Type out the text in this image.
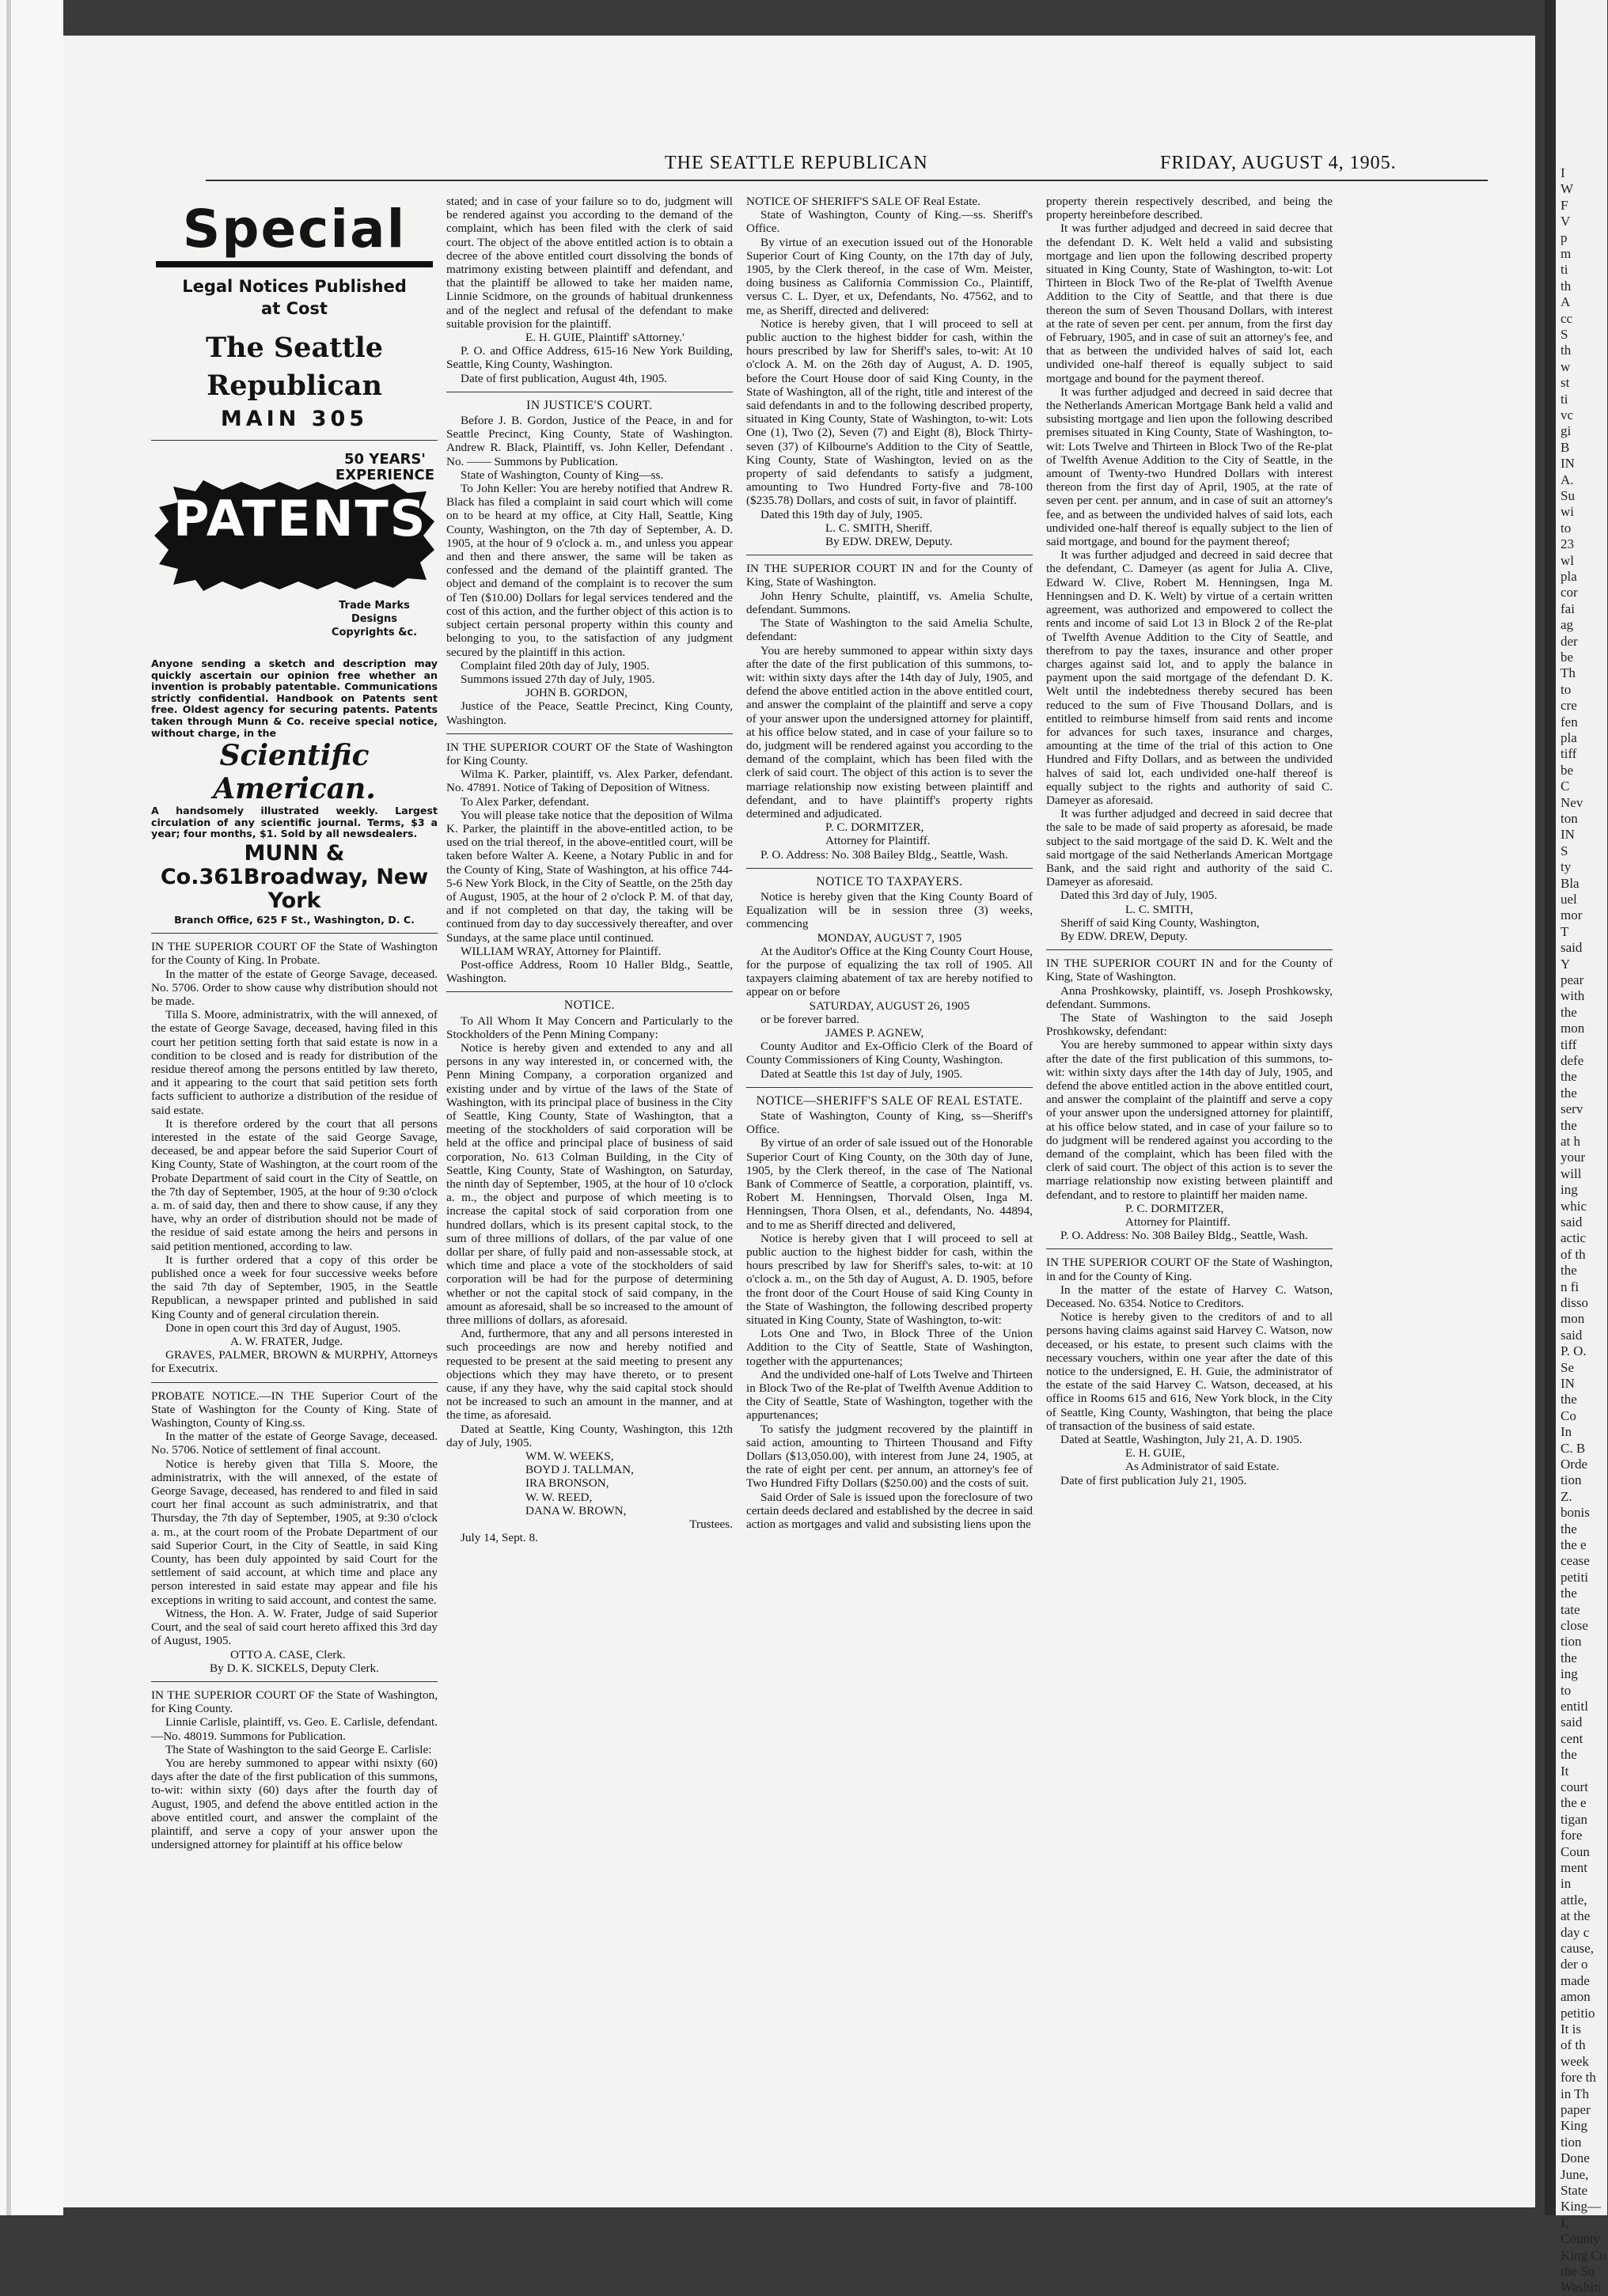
THE SEATTLE REPUBLICAN	FRIDAY, AUGUST 4, 1905.
Special
Legal Notices Published
at Cost
The Seattle Republican
MAIN 305
50 YEARS'
EXPERIENCE
PATENTS
Trade Marks
Designs
Copyrights &c.
Anyone sending a sketch and description may quickly ascertain our opinion free whether an invention is probably patentable. Communications strictly confidential. Handbook on Patents sent free. Oldest agency for securing patents. Patents taken through Munn & Co. receive special notice, without charge, in the
Scientific American.
A handsomely illustrated weekly. Largest circulation of any scientific journal. Terms, $3 a year; four months, $1. Sold by all newsdealers.
MUNN & Co.361Broadway, New York
Branch Office, 625 F St., Washington, D. C.

IN THE SUPERIOR COURT OF the State of Washington for the County of King. In Probate.

In the matter of the estate of George Savage, deceased. No. 5706. Order to show cause why distribution should not be made.

Tilla S. Moore, administratrix, with the will annexed, of the estate of George Savage, deceased, having filed in this court her petition setting forth that said estate is now in a condition to be closed and is ready for distribution of the residue thereof among the persons entitled by law thereto, and it appearing to the court that said petition sets forth facts sufficient to authorize a distribution of the residue of said estate.

It is therefore ordered by the court that all persons interested in the estate of the said George Savage, deceased, be and appear before the said Superior Court of King County, State of Washington, at the court room of the Probate Department of said court in the City of Seattle, on the 7th day of September, 1905, at the hour of 9:30 o'clock a. m. of said day, then and there to show cause, if any they have, why an order of distribution should not be made of the residue of said estate among the heirs and persons in said petition mentioned, according to law.

It is further ordered that a copy of this order be published once a week for four successive weeks before the said 7th day of September, 1905, in the Seattle Republican, a newspaper printed and published in said King County and of general circulation therein.

Done in open court this 3rd day of August, 1905.

A. W. FRATER, Judge.

GRAVES, PALMER, BROWN & MURPHY, Attorneys for Executrix.

PROBATE NOTICE.—IN THE Superior Court of the State of Washington for the County of King. State of Washington, County of King.ss.

In the matter of the estate of George Savage, deceased. No. 5706. Notice of settlement of final account.

Notice is hereby given that Tilla S. Moore, the administratrix, with the will annexed, of the estate of George Savage, deceased, has rendered to and filed in said court her final account as such administratrix, and that Thursday, the 7th day of September, 1905, at 9:30 o'clock a. m., at the court room of the Probate Department of our said Superior Court, in the City of Seattle, in said King County, has been duly appointed by said Court for the settlement of said account, at which time and place any person interested in said estate may appear and file his exceptions in writing to said account, and contest the same.

Witness, the Hon. A. W. Frater, Judge of said Superior Court, and the seal of said court hereto affixed this 3rd day of August, 1905.

OTTO A. CASE, Clerk.

By D. K. SICKELS, Deputy Clerk.

IN THE SUPERIOR COURT OF the State of Washington, for King County.

Linnie Carlisle, plaintiff, vs. Geo. E. Carlisle, defendant.—No. 48019. Summons for Publication.

The State of Washington to the said George E. Carlisle:

You are hereby summoned to appear withi nsixty (60) days after the date of the first publication of this summons, to-wit: within sixty (60) days after the fourth day of August, 1905, and defend the above entitled action in the above entitled court, and answer the complaint of the plaintiff, and serve a copy of your answer upon the undersigned attorney for plaintiff at his office below

stated; and in case of your failure so to do, judgment will be rendered against you according to the demand of the complaint, which has been filed with the clerk of said court. The object of the above entitled action is to obtain a decree of the above entitled court dissolving the bonds of matrimony existing between plaintiff and defendant, and that the plaintiff be allowed to take her maiden name, Linnie Scidmore, on the grounds of habitual drunkenness and of the neglect and refusal of the defendant to make suitable provision for the plaintiff.

E. H. GUIE, Plaintiff' sAttorney.'

P. O. and Office Address, 615-16 New York Building, Seattle, King County, Washington.

Date of first publication, August 4th, 1905.

IN JUSTICE'S COURT.

Before J. B. Gordon, Justice of the Peace, in and for Seattle Precinct, King County, State of Washington. Andrew R. Black, Plaintiff, vs. John Keller, Defendant . No. —— Summons by Publication.

State of Washington, County of King—ss.

To John Keller: You are hereby notified that Andrew R. Black has filed a complaint in said court which will come on to be heard at my office, at City Hall, Seattle, King County, Washington, on the 7th day of September, A. D. 1905, at the hour of 9 o'clock a. m., and unless you appear and then and there answer, the same will be taken as confessed and the demand of the plaintiff granted. The object and demand of the complaint is to recover the sum of Ten ($10.00) Dollars for legal services tendered and the cost of this action, and the further object of this action is to subject certain personal property within this county and belonging to you, to the satisfaction of any judgment secured by the plaintiff in this action.

Complaint filed 20th day of July, 1905.

Summons issued 27th day of July, 1905.

JOHN B. GORDON,

Justice of the Peace, Seattle Precinct, King County, Washington.

IN THE SUPERIOR COURT OF the State of Washington for King County.

Wilma K. Parker, plaintiff, vs. Alex Parker, defendant. No. 47891. Notice of Taking of Deposition of Witness.

To Alex Parker, defendant.

You will please take notice that the deposition of Wilma K. Parker, the plaintiff in the above-entitled action, to be used on the trial thereof, in the above-entitled court, will be taken before Walter A. Keene, a Notary Public in and for the County of King, State of Washington, at his office 744-5-6 New York Block, in the City of Seattle, on the 25th day of August, 1905, at the hour of 2 o'clock P. M. of that day, and if not completed on that day, the taking will be continued from day to day successively thereafter, and over Sundays, at the same place until continued.

WILLIAM WRAY, Attorney for Plaintiff.

Post-office Address, Room 10 Haller Bldg., Seattle, Washington.

NOTICE.

To All Whom It May Concern and Particularly to the Stockholders of the Penn Mining Company:

Notice is hereby given and extended to any and all persons in any way interested in, or concerned with, the Penn Mining Company, a corporation organized and existing under and by virtue of the laws of the State of Washington, with its principal place of business in the City of Seattle, King County, State of Washington, that a meeting of the stockholders of said corporation will be held at the office and principal place of business of said corporation, No. 613 Colman Building, in the City of Seattle, King County, State of Washington, on Saturday, the ninth day of September, 1905, at the hour of 10 o'clock a. m., the object and purpose of which meeting is to increase the capital stock of said corporation from one hundred dollars, which is its present capital stock, to the sum of three millions of dollars, of the par value of one dollar per share, of fully paid and non-assessable stock, at which time and place a vote of the stockholders of said corporation will be had for the purpose of determining whether or not the capital stock of said company, in the amount as aforesaid, shall be so increased to the amount of three millions of dollars, as aforesaid.

And, furthermore, that any and all persons interested in such proceedings are now and hereby notified and requested to be present at the said meeting to present any objections which they may have thereto, or to present cause, if any they have, why the said capital stock should not be increased to such an amount in the manner, and at the time, as aforesaid.

Dated at Seattle, King County, Washington, this 12th day of July, 1905.

WM. W. WEEKS,

BOYD J. TALLMAN,

IRA BRONSON,

W. W. REED,

DANA W. BROWN,

Trustees.

July 14, Sept. 8.

NOTICE OF SHERIFF'S SALE OF Real Estate.

State of Washington, County of King.—ss. Sheriff's Office.

By virtue of an execution issued out of the Honorable Superior Court of King County, on the 17th day of July, 1905, by the Clerk thereof, in the case of Wm. Meister, doing business as California Commission Co., Plaintiff, versus C. L. Dyer, et ux, Defendants, No. 47562, and to me, as Sheriff, directed and delivered:

Notice is hereby given, that I will proceed to sell at public auction to the highest bidder for cash, within the hours prescribed by law for Sheriff's sales, to-wit: At 10 o'clock A. M. on the 26th day of August, A. D. 1905, before the Court House door of said King County, in the State of Washington, all of the right, title and interest of the said defendants in and to the following described property, situated in King County, State of Washington, to-wit: Lots One (1), Two (2), Seven (7) and Eight (8), Block Thirty-seven (37) of Kilbourne's Addition to the City of Seattle, King County, State of Washington, levied on as the property of said defendants to satisfy a judgment, amounting to Two Hundred Forty-five and 78-100 ($235.78) Dollars, and costs of suit, in favor of plaintiff.

Dated this 19th day of July, 1905.

L. C. SMITH, Sheriff.

By EDW. DREW, Deputy.

IN THE SUPERIOR COURT IN and for the County of King, State of Washington.

John Henry Schulte, plaintiff, vs. Amelia Schulte, defendant. Summons.

The State of Washington to the said Amelia Schulte, defendant:

You are hereby summoned to appear within sixty days after the date of the first publication of this summons, to-wit: within sixty days after the 14th day of July, 1905, and defend the above entitled action in the above entitled court, and answer the complaint of the plaintiff and serve a copy of your answer upon the undersigned attorney for plaintiff, at his office below stated, and in case of your failure so to do, judgment will be rendered against you according to the demand of the complaint, which has been filed with the clerk of said court. The object of this action is to sever the marriage relationship now existing between plaintiff and defendant, and to have plaintiff's property rights determined and adjudicated.

P. C. DORMITZER,

Attorney for Plaintiff.

P. O. Address: No. 308 Bailey Bldg., Seattle, Wash.

NOTICE TO TAXPAYERS.

Notice is hereby given that the King County Board of Equalization will be in session three (3) weeks, commencing

MONDAY, AUGUST 7, 1905

At the Auditor's Office at the King County Court House, for the purpose of equalizing the tax roll of 1905. All taxpayers claiming abatement of tax are hereby notified to appear on or before

SATURDAY, AUGUST 26, 1905

or be forever barred.

JAMES P. AGNEW,

County Auditor and Ex-Officio Clerk of the Board of County Commissioners of King County, Washington.

Dated at Seattle this 1st day of July, 1905.

NOTICE—SHERIFF'S SALE OF REAL ESTATE.

State of Washington, County of King, ss—Sheriff's Office.

By virtue of an order of sale issued out of the Honorable Superior Court of King County, on the 30th day of June, 1905, by the Clerk thereof, in the case of The National Bank of Commerce of Seattle, a corporation, plaintiff, vs. Robert M. Henningsen, Thorvald Olsen, Inga M. Henningsen, Thora Olsen, et al., defendants, No. 44894, and to me as Sheriff directed and delivered,

Notice is hereby given that I will proceed to sell at public auction to the highest bidder for cash, within the hours prescribed by law for Sheriff's sales, to-wit: at 10 o'clock a. m., on the 5th day of August, A. D. 1905, before the front door of the Court House of said King County in the State of Washington, the following described property situated in King County, State of Washington, to-wit:

Lots One and Two, in Block Three of the Union Addition to the City of Seattle, State of Washington, together with the appurtenances;

And the undivided one-half of Lots Twelve and Thirteen in Block Two of the Re-plat of Twelfth Avenue Addition to the City of Seattle, State of Washington, together with the appurtenances;

To satisfy the judgment recovered by the plaintiff in said action, amounting to Thirteen Thousand and Fifty Dollars ($13,050.00), with interest from June 24, 1905, at the rate of eight per cent. per annum, an attorney's fee of Two Hundred Fifty Dollars ($250.00) and the costs of suit.

Said Order of Sale is issued upon the foreclosure of two certain deeds declared and established by the decree in said action as mortgages and valid and subsisting liens upon the

property therein respectively described, and being the property hereinbefore described.

It was further adjudged and decreed in said decree that the defendant D. K. Welt held a valid and subsisting mortgage and lien upon the following described property situated in King County, State of Washington, to-wit: Lot Thirteen in Block Two of the Re-plat of Twelfth Avenue Addition to the City of Seattle, and that there is due thereon the sum of Seven Thousand Dollars, with interest at the rate of seven per cent. per annum, from the first day of February, 1905, and in case of suit an attorney's fee, and that as between the undivided halves of said lot, each undivided one-half thereof is equally subject to said mortgage and bound for the payment thereof.

It was further adjudged and decreed in said decree that the Netherlands American Mortgage Bank held a valid and subsisting mortgage and lien upon the following described premises situated in King County, State of Washington, to-wit: Lots Twelve and Thirteen in Block Two of the Re-plat of Twelfth Avenue Addition to the City of Seattle, in the amount of Twenty-two Hundred Dollars with interest thereon from the first day of April, 1905, at the rate of seven per cent. per annum, and in case of suit an attorney's fee, and as between the undivided halves of said lots, each undivided one-half thereof is equally subject to the lien of said mortgage, and bound for the payment thereof;

It was further adjudged and decreed in said decree that the defendant, C. Dameyer (as agent for Julia A. Clive, Edward W. Clive, Robert M. Henningsen, Inga M. Henningsen and D. K. Welt) by virtue of a certain written agreement, was authorized and empowered to collect the rents and income of said Lot 13 in Block 2 of the Re-plat of Twelfth Avenue Addition to the City of Seattle, and therefrom to pay the taxes, insurance and other proper charges against said lot, and to apply the balance in payment upon the said mortgage of the defendant D. K. Welt until the indebtedness thereby secured has been reduced to the sum of Five Thousand Dollars, and is entitled to reimburse himself from said rents and income for advances for such taxes, insurance and charges, amounting at the time of the trial of this action to One Hundred and Fifty Dollars, and as between the undivided halves of said lot, each undivided one-half thereof is equally subject to the rights and authority of said C. Dameyer as aforesaid.

It was further adjudged and decreed in said decree that the sale to be made of said property as aforesaid, be made subject to the said mortgage of the said D. K. Welt and the said mortgage of the said Netherlands American Mortgage Bank, and the said right and authority of the said C. Dameyer as aforesaid.

Dated this 3rd day of July, 1905.

L. C. SMITH,

Sheriff of said King County, Washington,

By EDW. DREW, Deputy.

IN THE SUPERIOR COURT IN and for the County of King, State of Washington.

Anna Proshkowsky, plaintiff, vs. Joseph Proshkowsky, defendant. Summons.

The State of Washington to the said Joseph Proshkowsky, defendant:

You are hereby summoned to appear within sixty days after the date of the first publication of this summons, to-wit: within sixty days after the 14th day of July, 1905, and defend the above entitled action in the above entitled court, and answer the complaint of the plaintiff and serve a copy of your answer upon the undersigned attorney for plaintiff, at his office below stated, and in case of your failure so to do judgment will be rendered against you according to the demand of the complaint, which has been filed with the clerk of said court. The object of this action is to sever the marriage relationship now existing between plaintiff and defendant, and to restore to plaintiff her maiden name.

P. C. DORMITZER,

Attorney for Plaintiff.

P. O. Address: No. 308 Bailey Bldg., Seattle, Wash.

IN THE SUPERIOR COURT OF the State of Washington, in and for the County of King.

In the matter of the estate of Harvey C. Watson, Deceased. No. 6354. Notice to Creditors.

Notice is hereby given to the creditors of and to all persons having claims against said Harvey C. Watson, now deceased, or his estate, to present such claims with the necessary vouchers, within one year after the date of this notice to the undersigned, E. H. Guie, the administrator of the estate of the said Harvey C. Watson, deceased, at his office in Rooms 615 and 616, New York block, in the City of Seattle, King County, Washington, that being the place of transaction of the business of said estate.

Dated at Seattle, Washington, July 21, A. D. 1905.

E. H. GUIE,

As Administrator of said Estate.

Date of first publication July 21, 1905.

I
W
F
V
p
m
ti
th
A
cc
S
th
w
st
ti
vc
gi
B
IN
A.
Su
wi
to
23
wl
pla
cor
fai
ag
der
be
Th
to
cre
fen
pla
tiff
be
C
Nev
ton
IN
S
ty
Bla
uel
mor
T
said
Y
pear
with
the
mon
tiff
defe
the
the
serv
the
at h
your
will
ing
whic
said
actic
of th
the
n fi
disso
mon
said
P. O.
Se
IN
the
Co
In
C. B
Orde
tion
Z.
bonis
the
the e
cease
petiti
the
tate
close
tion
the
ing
to
entitl
said
cent
the
It
court
the e
tigan
fore
Coun
ment
in
attle,
at the
day c
cause,
der o
made
amon
petitio
It is
of th
week
fore th
in Th
paper
King
tion
Done
June,
State
King—
I,
County
King Co
the Su
Washin
